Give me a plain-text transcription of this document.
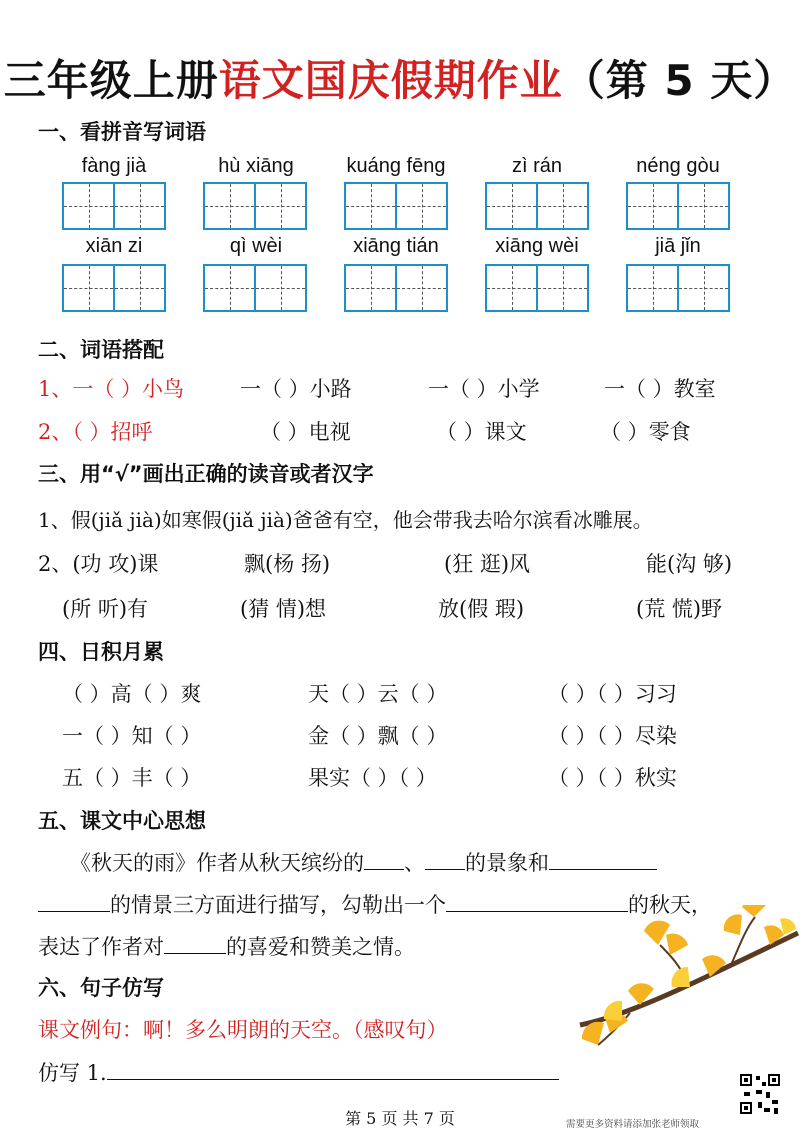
三年级上册语文国庆假期作业（第 5 天）
一、看拼音写词语
fàng jià	hù xiāng	kuáng fēng	zì rán	néng gòu
xiān zi	qì wèi	xiāng tián	xiāng wèi	jiā jǐn
二、词语搭配
1、一（ ）小鸟	一（ ）小路	一（ ）小学	一（ ）教室
2、（ ）招呼	（ ）电视	（ ）课文	（ ）零食
三、用“√”画出正确的读音或者汉字
1、假(jiǎ jià)如寒假(jiǎ jià)爸爸有空，他会带我去哈尔滨看冰雕展。
2、(功 攻)课	飘(杨 扬)	(狂 逛)风	能(沟 够)
(所 听)有	(猜 情)想	放(假 瑕)	(荒 慌)野
四、日积月累
（ ）高（ ）爽	天（ ）云（ ）	（ ）（ ）习习
一（ ）知（ ）	金（ ）飘（ ）	（ ）（ ）尽染
五（ ）丰（ ）	果实（ ）（ ）	（ ）（ ）秋实
五、课文中心思想
《秋天的雨》作者从秋天缤纷的 、 的景象和
的情景三方面进行描写，勾勒出一个	的秋天，
表达了作者对	的喜爱和赞美之情。
六、句子仿写
课文例句：啊！多么明朗的天空。（感叹句）
仿写 1.
第 5 页 共 7 页	需要更多资料请添加张老师领取
